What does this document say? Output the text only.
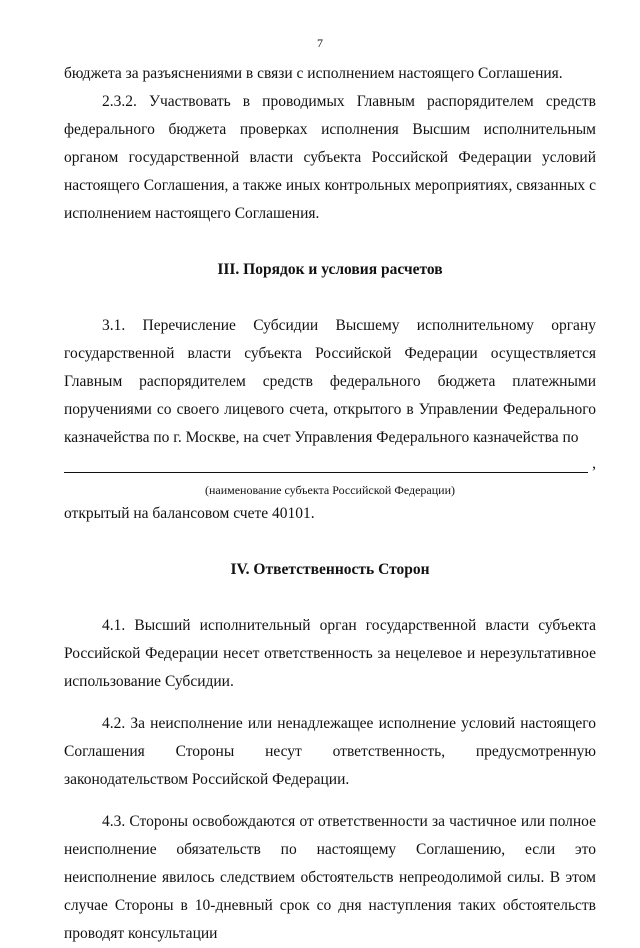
7

бюджета за разъяснениями в связи с исполнением настоящего Соглашения.

2.3.2. Участвовать в проводимых Главным распорядителем средств федерального бюджета проверках исполнения Высшим исполнительным органом государственной власти субъекта Российской Федерации условий настоящего Соглашения, а также иных контрольных мероприятиях, связанных с исполнением настоящего Соглашения.

III. Порядок и условия расчетов

3.1. Перечисление Субсидии Высшему исполнительному органу государственной власти субъекта Российской Федерации осуществляется Главным распорядителем средств федерального бюджета платежными поручениями со своего лицевого счета, открытого в Управлении Федерального казначейства по г. Москве, на счет Управления Федерального казначейства по

,

(наименование субъекта Российской Федерации)

открытый на балансовом счете 40101.

IV. Ответственность Сторон

4.1. Высший исполнительный орган государственной власти субъекта Российской Федерации несет ответственность за нецелевое и нерезультативное использование Субсидии.

4.2. За неисполнение или ненадлежащее исполнение условий настоящего Соглашения Стороны несут ответственность, предусмотренную законодательством Российской Федерации.

4.3. Стороны освобождаются от ответственности за частичное или полное неисполнение обязательств по настоящему Соглашению, если это неисполнение явилось следствием обстоятельств непреодолимой силы. В этом случае Стороны в 10-дневный срок со дня наступления таких обстоятельств проводят консультации
